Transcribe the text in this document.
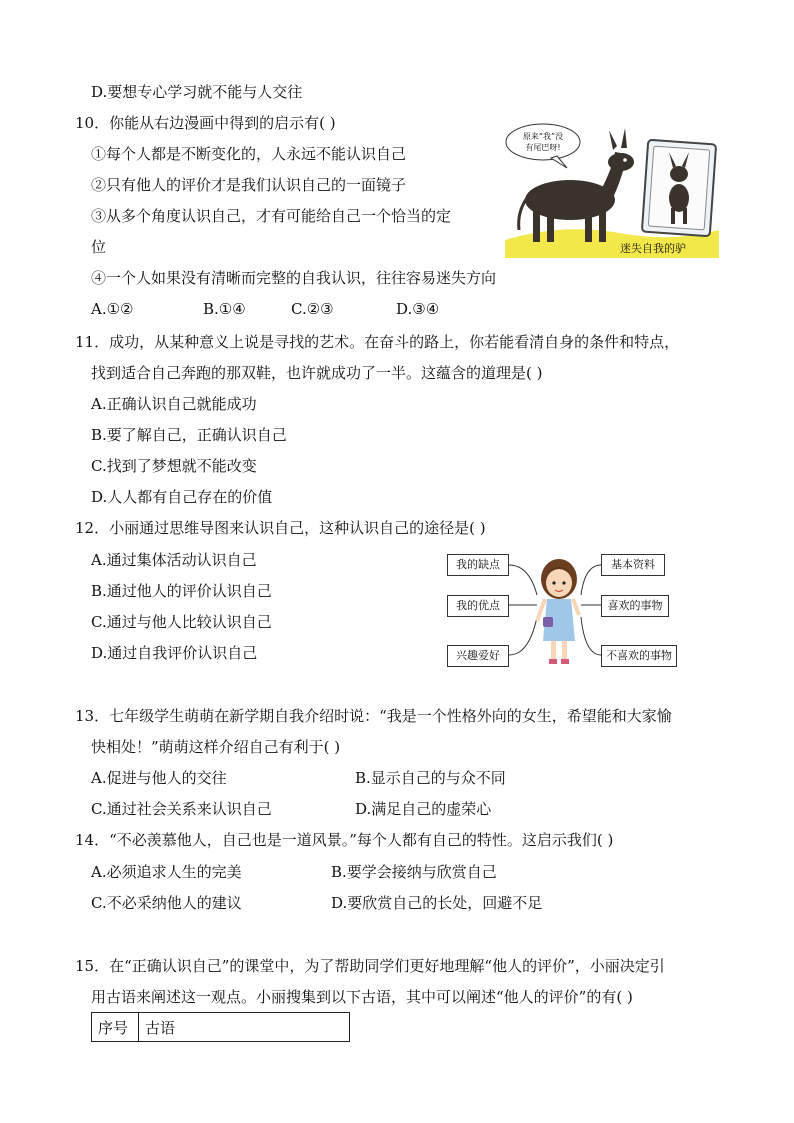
D.要想专心学习就不能与人交往
10．你能从右边漫画中得到的启示有( )
①每个人都是不断变化的，人永远不能认识自己
②只有他人的评价才是我们认识自己的一面镜子
③从多个角度认识自己，才有可能给自己一个恰当的定
位
④一个人如果没有清晰而完整的自我认识，往往容易迷失方向
A.①②	B.①④	C.②③	D.③④
原来“我”没
有尾巴呀!
迷失自我的驴
11．成功，从某种意义上说是寻找的艺术。在奋斗的路上，你若能看清自身的条件和特点，
找到适合自己奔跑的那双鞋，也许就成功了一半。这蕴含的道理是( )
A.正确认识自己就能成功
B.要了解自己，正确认识自己
C.找到了梦想就不能改变
D.人人都有自己存在的价值
12．小丽通过思维导图来认识自己，这种认识自己的途径是( )
A.通过集体活动认识自己
B.通过他人的评价认识自己
C.通过与他人比较认识自己
D.通过自我评价认识自己
我的缺点
我的优点
兴趣爱好
基本资料
喜欢的事物
不喜欢的事物
13．七年级学生萌萌在新学期自我介绍时说：“我是一个性格外向的女生，希望能和大家愉
快相处！”萌萌这样介绍自己有利于( )
A.促进与他人的交往	B.显示自己的与众不同
C.通过社会关系来认识自己	D.满足自己的虚荣心
14．“不必羡慕他人，自己也是一道风景。”每个人都有自己的特性。这启示我们( )
A.必须追求人生的完美	B.要学会接纳与欣赏自己
C.不必采纳他人的建议	D.要欣赏自己的长处，回避不足
15．在“正确认识自己”的课堂中，为了帮助同学们更好地理解“他人的评价”，小丽决定引
用古语来阐述这一观点。小丽搜集到以下古语，其中可以阐述“他人的评价”的有( )
序号	古语
